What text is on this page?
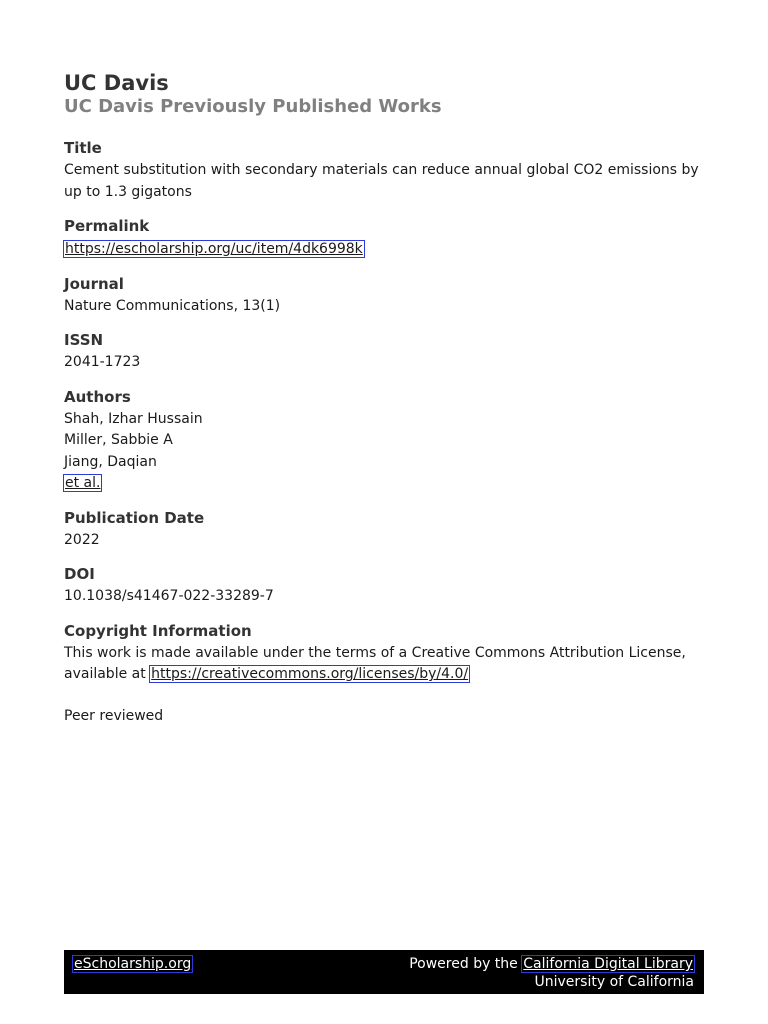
UC Davis
UC Davis Previously Published Works
Title
Cement substitution with secondary materials can reduce annual global CO2 emissions by up to 1.3 gigatons
Permalink
https://escholarship.org/uc/item/4dk6998k
Journal
Nature Communications, 13(1)
ISSN
2041-1723
Authors
Shah, Izhar Hussain
Miller, Sabbie A
Jiang, Daqian
et al.
Publication Date
2022
DOI
10.1038/s41467-022-33289-7
Copyright Information
This work is made available under the terms of a Creative Commons Attribution License, available at https://creativecommons.org/licenses/by/4.0/
Peer reviewed
eScholarship.org	Powered by the California Digital Library
University of California
